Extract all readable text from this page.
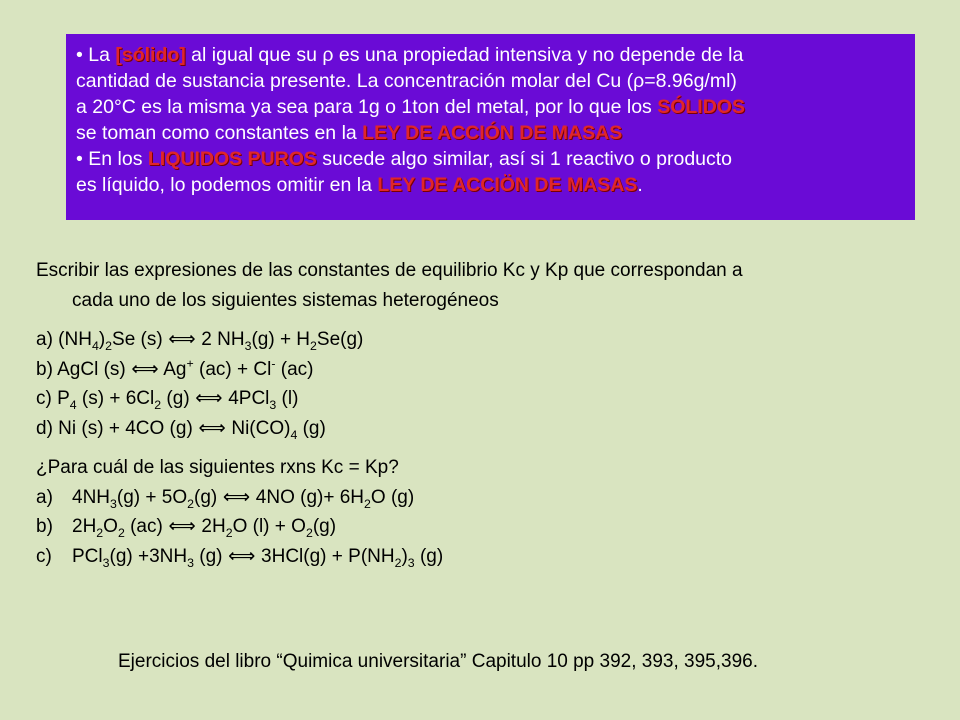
• La [sólido] al igual que su ρ es una propiedad intensiva y no depende de la
cantidad de sustancia presente. La concentración molar del Cu (ρ=8.96g/ml)
a 20°C es la misma ya sea para 1g o 1ton del metal, por lo que los SÓLIDOS
se toman como constantes en la LEY DE ACCIÓN DE MASAS
• En los LIQUIDOS PUROS sucede algo similar, así si 1 reactivo o producto
es líquido, lo podemos omitir en la LEY DE ACCIÖN DE MASAS.
Escribir las expresiones de las constantes de equilibrio Kc y Kp que correspondan a
cada uno de los siguientes sistemas heterogéneos
a) $(NH_4)_2Se$ (s) ⟺ 2 $NH_3(g) + H_2Se(g)$
b) AgCl (s) ⟺ Ag+ (ac) + Cl- (ac)
c) $P_4$ $(s) + 6Cl_2$ (g) ⟺ 4PCl$_3$ (l)
d) Ni (s) + 4CO (g) ⟺ $Ni(CO)_4$ (g)
¿Para cuál de las siguientes rxns Kc = Kp?
a) $4NH_3(g) + 5O_2(g)$ ⟺ 4NO $(g)+ 6H_2O$ (g)
b) $2H_2O_2$ (ac) ⟺ $2H_2O$ $(l) + O_2(g)$
c) $PCl_3(g) +3NH_3$ (g) ⟺ $3HCl(g) + P(NH_2)_3$ (g)
Ejercicios del libro “Quimica universitaria” Capitulo 10 pp 392, 393, 395,396.
